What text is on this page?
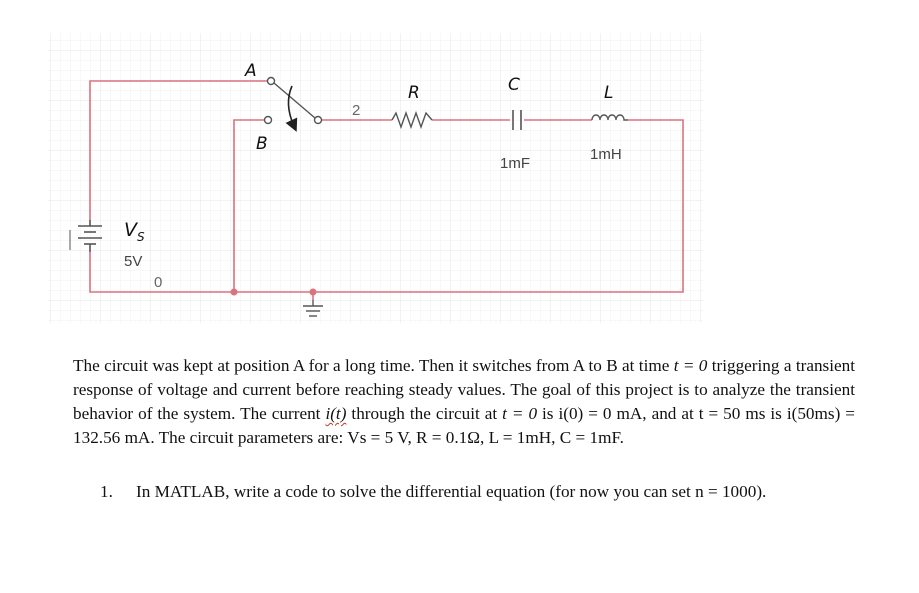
A
B
2
R	C
1mF
L
1mH
$V_S$
5V
0

The circuit was kept at position A for a long time. Then it switches from A to B at time t = 0 triggering a transient response of voltage and current before reaching steady values. The goal of this project is to analyze the transient behavior of the system. The current i(t) through the circuit at t = 0 is i(0) = 0 mA, and at t = 50 ms is i(50ms) = 132.56 mA. The circuit parameters are: Vs = 5 V, R = 0.1Ω, L = 1mH, C = 1mF.

1. In MATLAB, write a code to solve the differential equation (for now you can set n = 1000).
